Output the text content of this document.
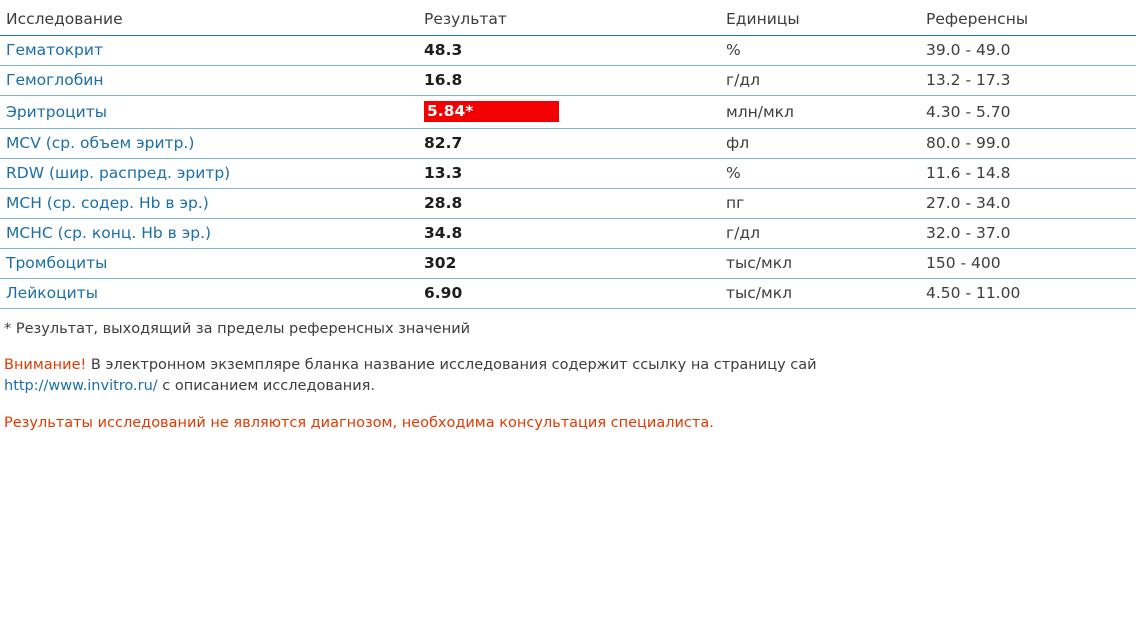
Исследование	Результат	Единицы	Референсны
Гематокрит	48.3	%	39.0 - 49.0
Гемоглобин	16.8	г/дл	13.2 - 17.3
Эритроциты	5.84*	млн/мкл	4.30 - 5.70
MCV (ср. объем эритр.)	82.7	фл	80.0 - 99.0
RDW (шир. распред. эритр)	13.3	%	11.6 - 14.8
MCH (ср. содер. Hb в эр.)	28.8	пг	27.0 - 34.0
MCHC (ср. конц. Hb в эр.)	34.8	г/дл	32.0 - 37.0
Тромбоциты	302	тыс/мкл	150 - 400
Лейкоциты	6.90	тыс/мкл	4.50 - 11.00
* Результат, выходящий за пределы референсных значений
Внимание! В электронном экземпляре бланка название исследования содержит ссылку на страницу сай
http://www.invitro.ru/ с описанием исследования.
Результаты исследований не являются диагнозом, необходима консультация специалиста.
